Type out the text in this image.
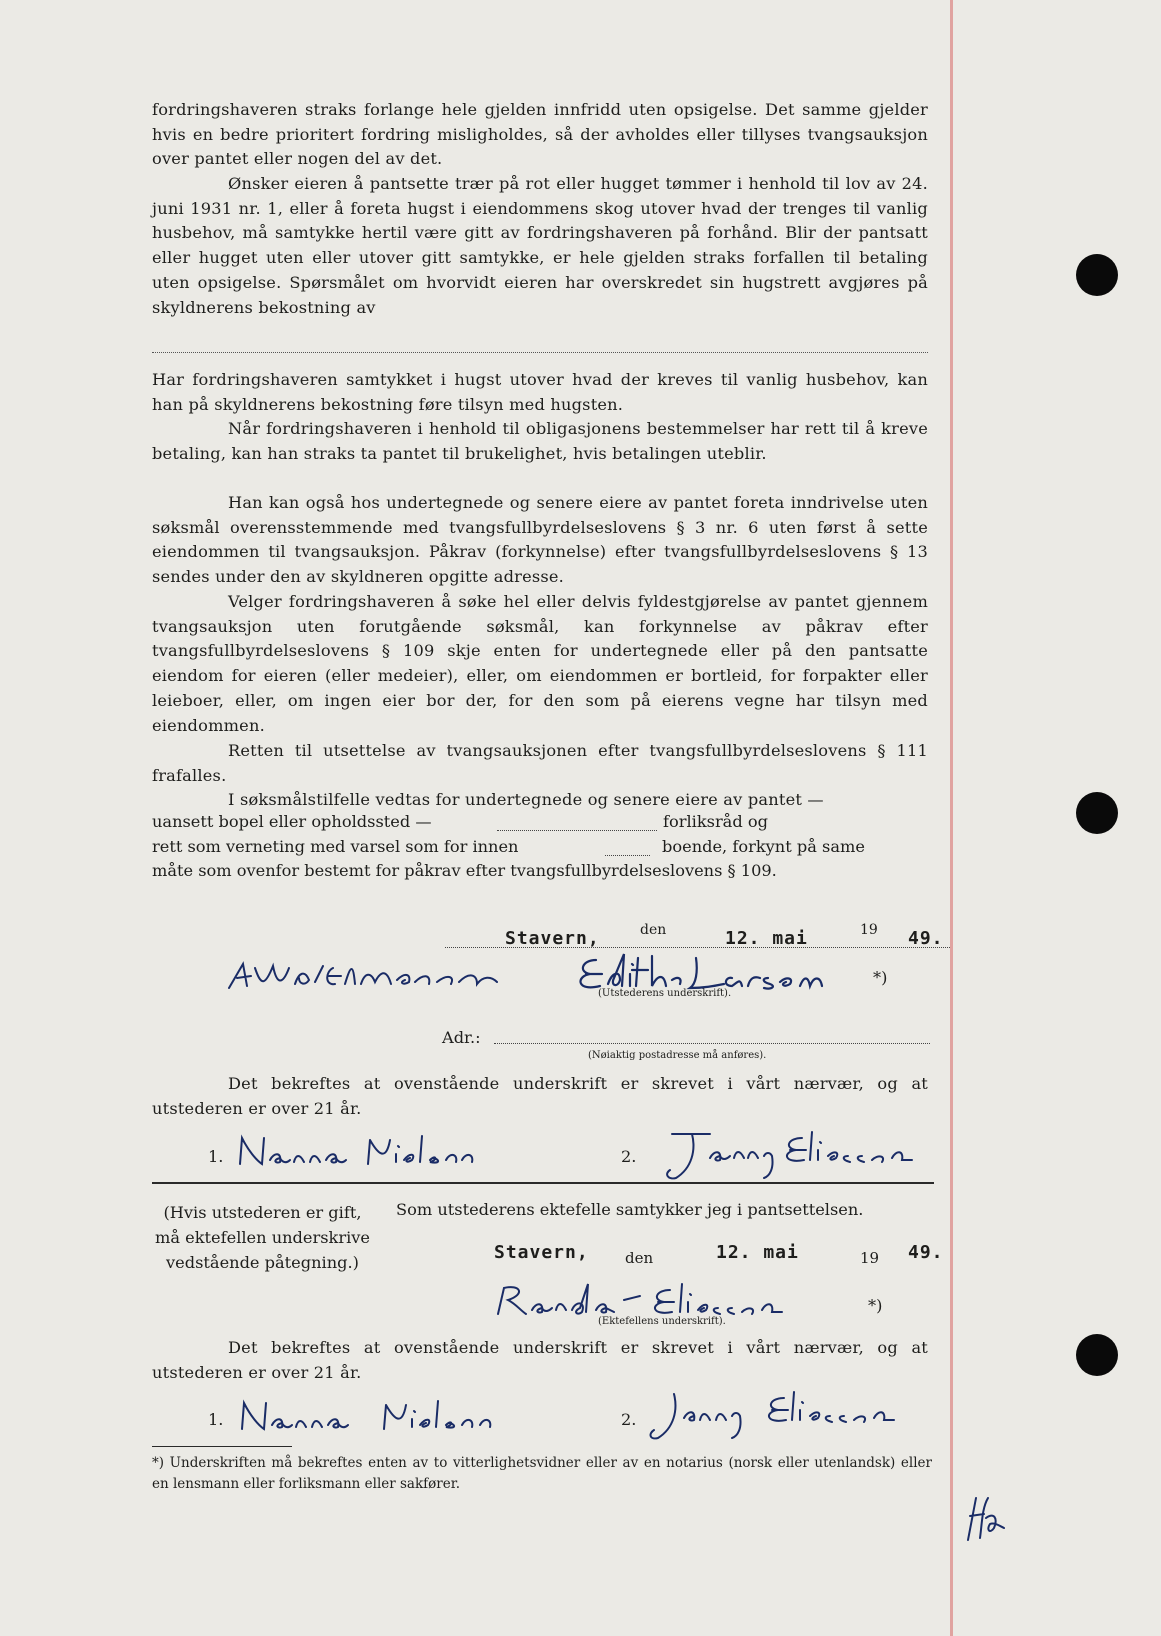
fordringshaveren straks forlange hele gjelden innfridd uten opsigelse. Det samme gjelder hvis en bedre prioritert fordring misligholdes, så der avholdes eller tillyses tvangsauksjon over pantet eller nogen del av det.
Ønsker eieren å pantsette trær på rot eller hugget tømmer i henhold til lov av 24. juni 1931 nr. 1, eller å foreta hugst i eiendommens skog utover hvad der trenges til vanlig husbehov, må samtykke hertil være gitt av fordringshaveren på forhånd. Blir der pantsatt eller hugget uten eller utover gitt samtykke, er hele gjelden straks forfallen til betaling uten opsigelse. Spørsmålet om hvorvidt eieren har overskredet sin hugstrett avgjøres på skyldnerens bekostning av
Har fordringshaveren samtykket i hugst utover hvad der kreves til vanlig husbehov, kan han på skyldnerens bekostning føre tilsyn med hugsten.
Når fordringshaveren i henhold til obligasjonens bestemmelser har rett til å kreve betaling, kan han straks ta pantet til brukelighet, hvis betalingen uteblir.
Han kan også hos undertegnede og senere eiere av pantet foreta inndrivelse uten søksmål overensstemmende med tvangsfullbyrdelseslovens § 3 nr. 6 uten først å sette eiendommen til tvangsauksjon. Påkrav (forkynnelse) efter tvangsfullbyrdelseslovens § 13 sendes under den av skyldneren opgitte adresse.
Velger fordringshaveren å søke hel eller delvis fyldestgjørelse av pantet gjennem tvangsauksjon uten forutgående søksmål, kan forkynnelse av påkrav efter tvangsfullbyrdelseslovens § 109 skje enten for undertegnede eller på den pantsatte eiendom for eieren (eller medeier), eller, om eiendommen er bortleid, for forpakter eller leieboer, eller, om ingen eier bor der, for den som på eierens vegne har tilsyn med eiendommen.
Retten til utsettelse av tvangsauksjonen efter tvangsfullbyrdelseslovens § 111 frafalles.
I søksmålstilfelle vedtas for undertegnede og senere eiere av pantet —
uansett bopel eller opholdssted —	forliksråd og
rett som verneting med varsel som for innen	boende, forkynt på same
måte som ovenfor bestemt for påkrav efter tvangsfullbyrdelseslovens § 109.
Stavern,	den	12. mai	19 49.
*)
(Utstederens underskrift).
Adr.:
(Nøiaktig postadresse må anføres).
Det bekreftes at ovenstående underskrift er skrevet i vårt nærvær, og at utstederen er over 21 år.
1.	2.
(Hvis utstederen er gift, må ektefellen underskrive vedstående påtegning.)
Som utstederens ektefelle samtykker jeg i pantsettelsen.
Stavern, den	12. mai	19 49.
*)
(Ektefellens underskrift).
Det bekreftes at ovenstående underskrift er skrevet i vårt nærvær, og at utstederen er over 21 år.
1.	2.
*) Underskriften må bekreftes enten av to vitterlighetsvidner eller av en notarius (norsk eller utenlandsk) eller en lensmann eller forliksmann eller sakfører.
